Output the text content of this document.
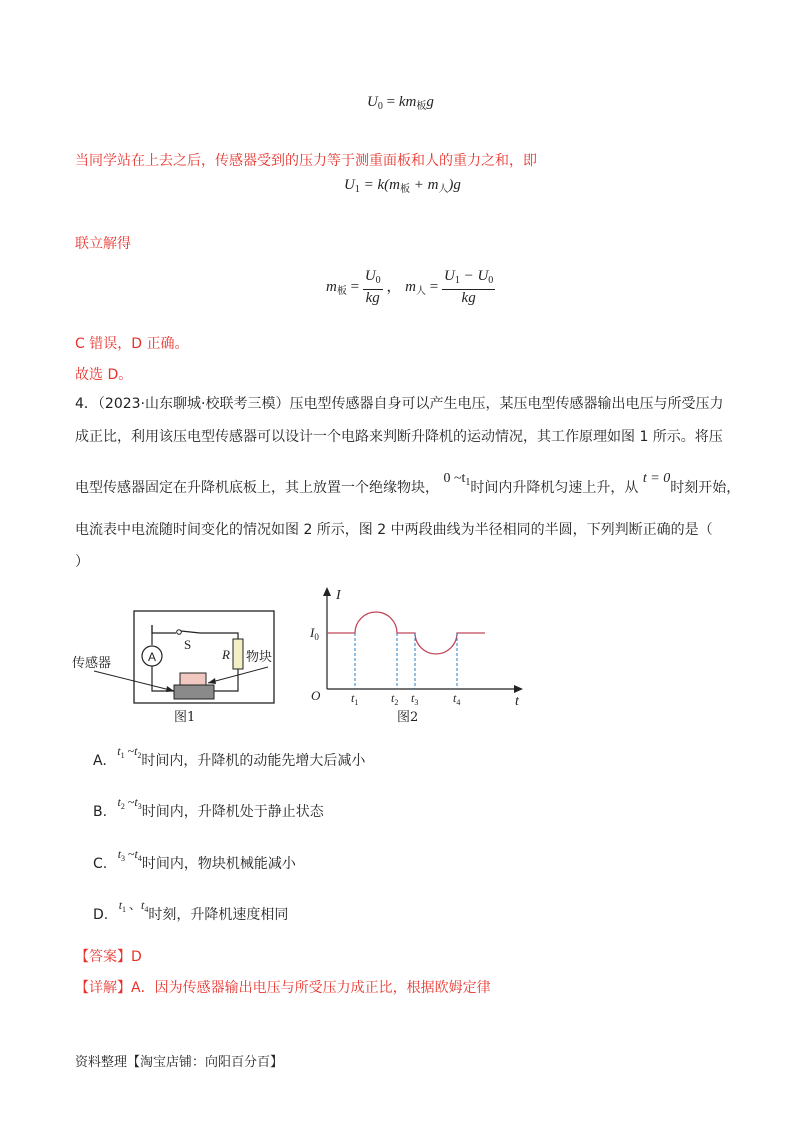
$U_0 = km_板g$
当同学站在上去之后，传感器受到的压力等于测重面板和人的重力之和，即
$U_1 = k(m_板 + m_人)g$
联立解得
$m_板 = \frac{U_0}{kg}$ ， $m_人 = \frac{U_1 - U_0}{kg}$
C 错误，D 正确。
故选 D。
4．（2023·山东聊城·校联考三模）压电型传感器自身可以产生电压，某压电型传感器输出电压与所受压力
成正比，利用该压电型传感器可以设计一个电路来判断升降机的运动情况，其工作原理如图 1 所示。将压
电型传感器固定在升降机底板上，其上放置一个绝缘物块， 0 $\sim t_1$时间内升降机匀速上升，从 t = 0时刻开始，
电流表中电流随时间变化的情况如图 2 所示，图 2 中两段曲线为半径相同的半圆，下列判断正确的是（
）
A
S
R
传感器	物块
图1
I
t
O
$I_0$
$t_1$	$t_2$ $t_3$	$t_4$
图2
A. $t_1$ $\sim t_2$时间内，升降机的动能先增大后减小
B. $t_2$ $\sim t_3$时间内，升降机处于静止状态
C. $t_3$ $\sim t_4$时间内，物块机械能减小
D. $t_1$ 、$t_4$时刻，升降机速度相同
【答案】D
【详解】A．因为传感器输出电压与所受压力成正比，根据欧姆定律
资料整理【淘宝店铺：向阳百分百】
